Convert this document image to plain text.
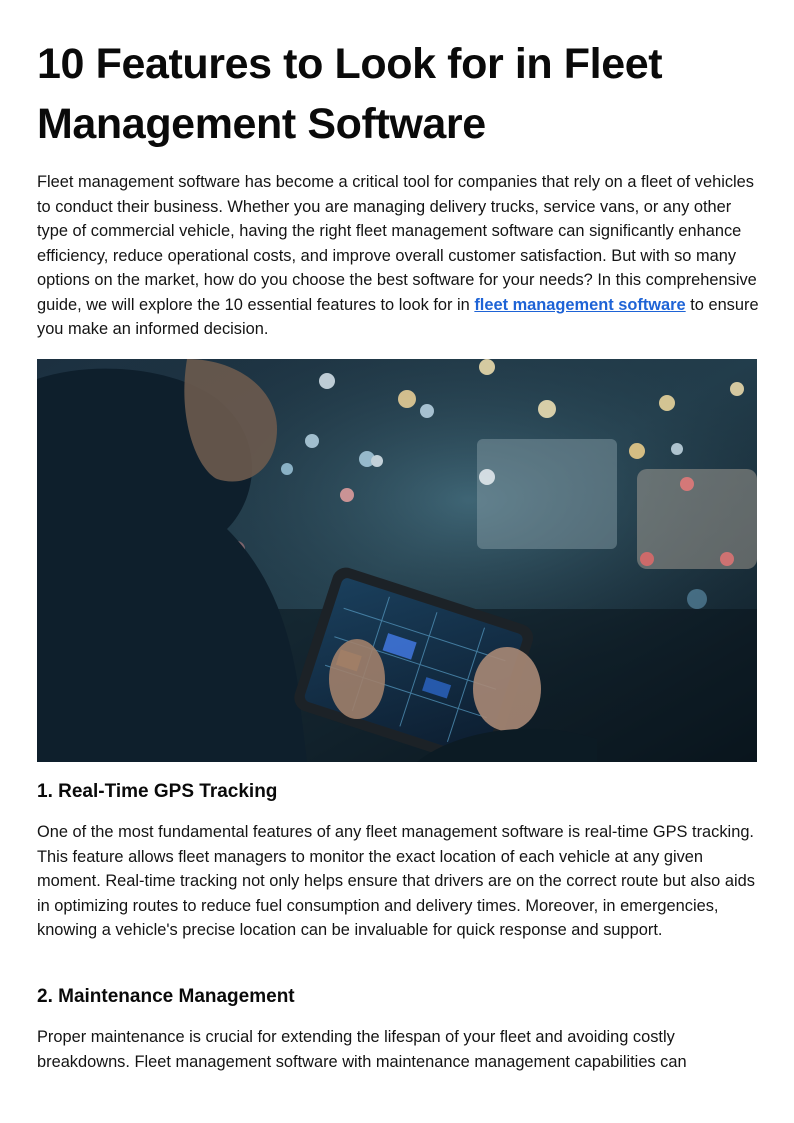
10 Features to Look for in Fleet Management Software

Fleet management software has become a critical tool for companies that rely on a fleet of vehicles to conduct their business. Whether you are managing delivery trucks, service vans, or any other type of commercial vehicle, having the right fleet management software can significantly enhance efficiency, reduce operational costs, and improve overall customer satisfaction. But with so many options on the market, how do you choose the best software for your needs? In this comprehensive guide, we will explore the 10 essential features to look for in fleet management software to ensure you make an informed decision.

1. Real-Time GPS Tracking

One of the most fundamental features of any fleet management software is real-time GPS tracking. This feature allows fleet managers to monitor the exact location of each vehicle at any given moment. Real-time tracking not only helps ensure that drivers are on the correct route but also aids in optimizing routes to reduce fuel consumption and delivery times. Moreover, in emergencies, knowing a vehicle's precise location can be invaluable for quick response and support.

2. Maintenance Management

Proper maintenance is crucial for extending the lifespan of your fleet and avoiding costly breakdowns. Fleet management software with maintenance management capabilities can
